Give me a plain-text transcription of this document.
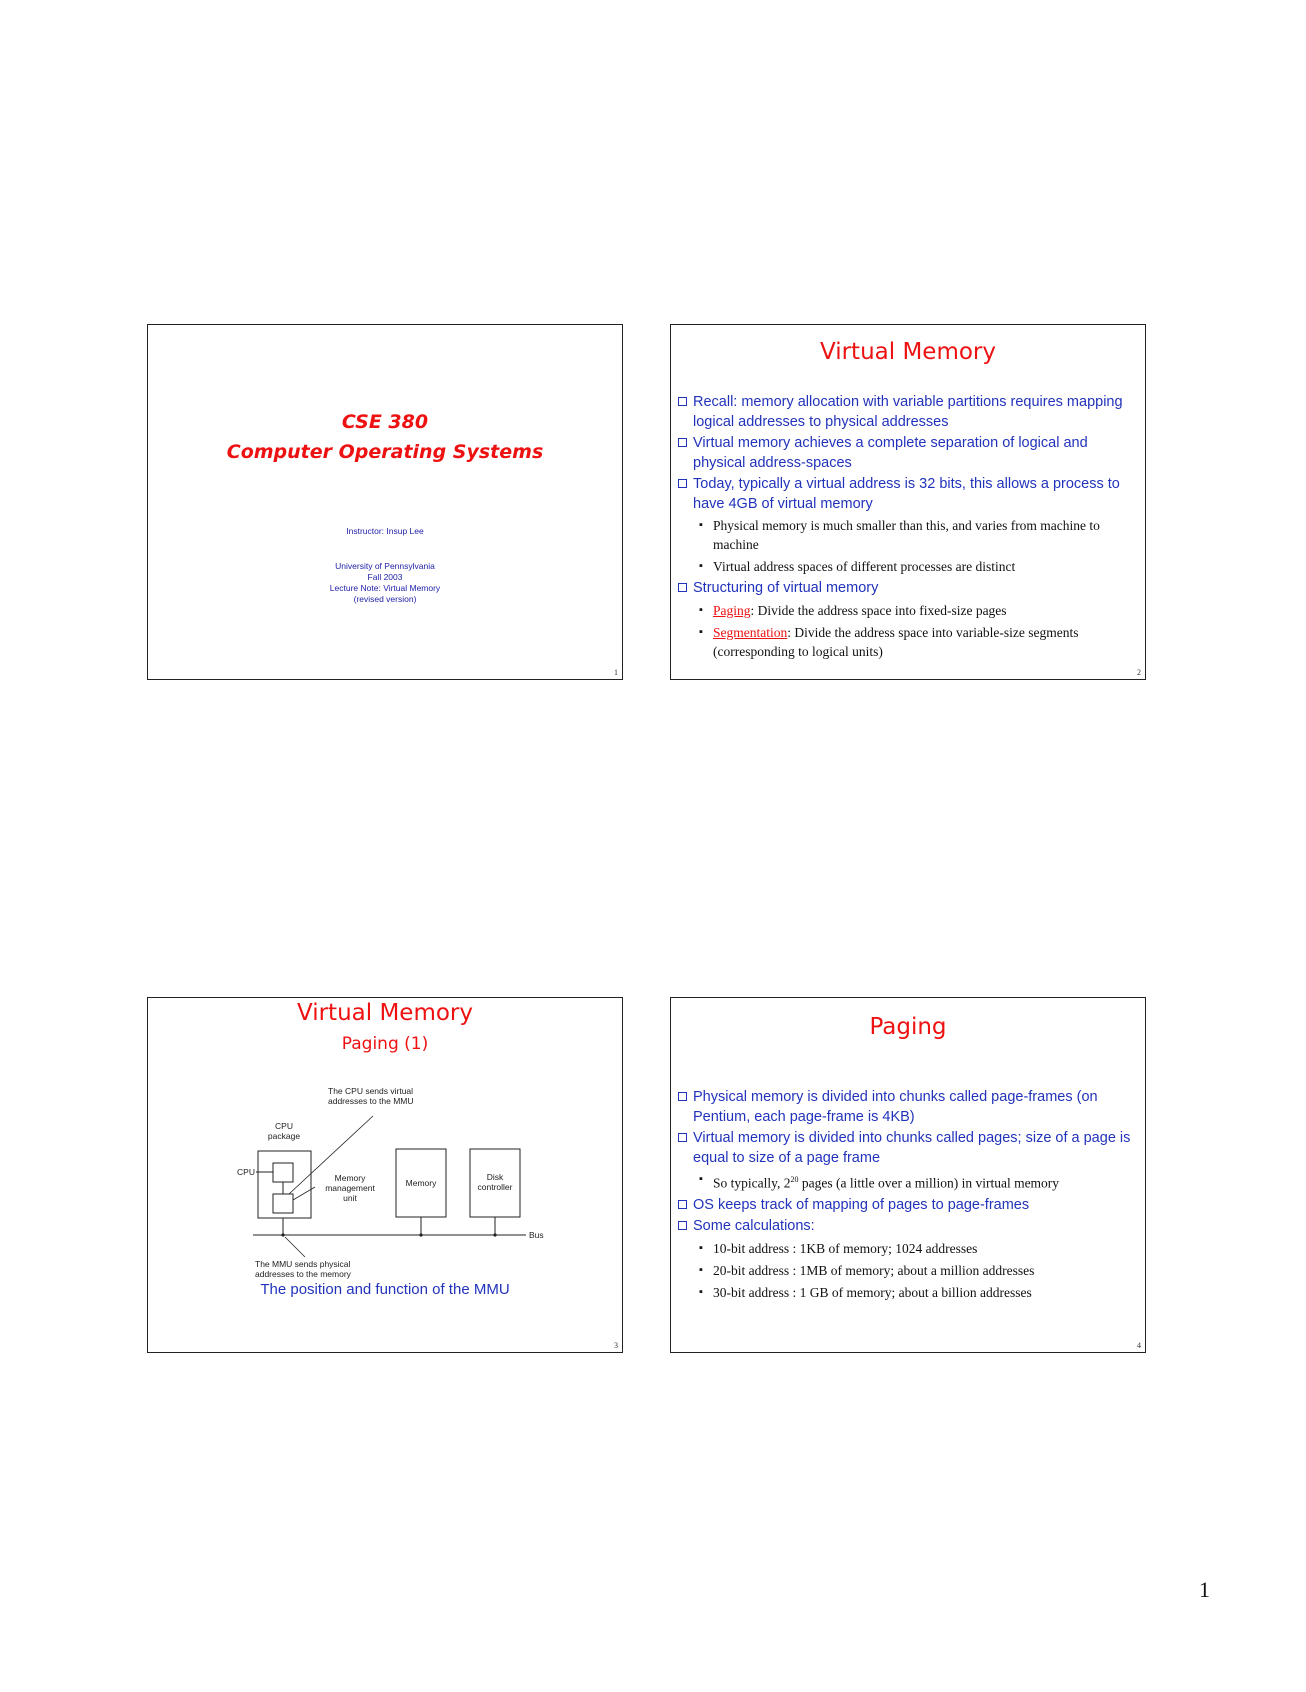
CSE 380
Computer Operating Systems
Instructor: Insup Lee
University of Pennsylvania
Fall 2003
Lecture Note: Virtual Memory
(revised version)
1
Virtual Memory
Recall: memory allocation with variable partitions requires mapping logical addresses to physical addresses
Virtual memory achieves a complete separation of logical and physical address-spaces
Today, typically a virtual address is 32 bits, this allows a process to have 4GB of virtual memory
▪ Physical memory is much smaller than this, and varies from machine to machine
▪ Virtual address spaces of different processes are distinct
Structuring of virtual memory
▪ Paging: Divide the address space into fixed-size pages
▪ Segmentation: Divide the address space into variable-size segments (corresponding to logical units)
2
Virtual Memory
Paging (1)
CPU
CPU package
Memory management unit
Memory
Disk controller
Bus
The CPU sends virtual addresses to the MMU
The MMU sends physical addresses to the memory
The position and function of the MMU
3
Paging
Physical memory is divided into chunks called page-frames (on Pentium, each page-frame is 4KB)
Virtual memory is divided into chunks called pages; size of a page is equal to size of a page frame
▪ So typically, $2^{20}$ pages (a little over a million) in virtual memory
OS keeps track of mapping of pages to page-frames
Some calculations:
▪ 10-bit address : 1KB of memory; 1024 addresses
▪ 20-bit address : 1MB of memory; about a million addresses
▪ 30-bit address : 1 GB of memory; about a billion addresses
4
1
